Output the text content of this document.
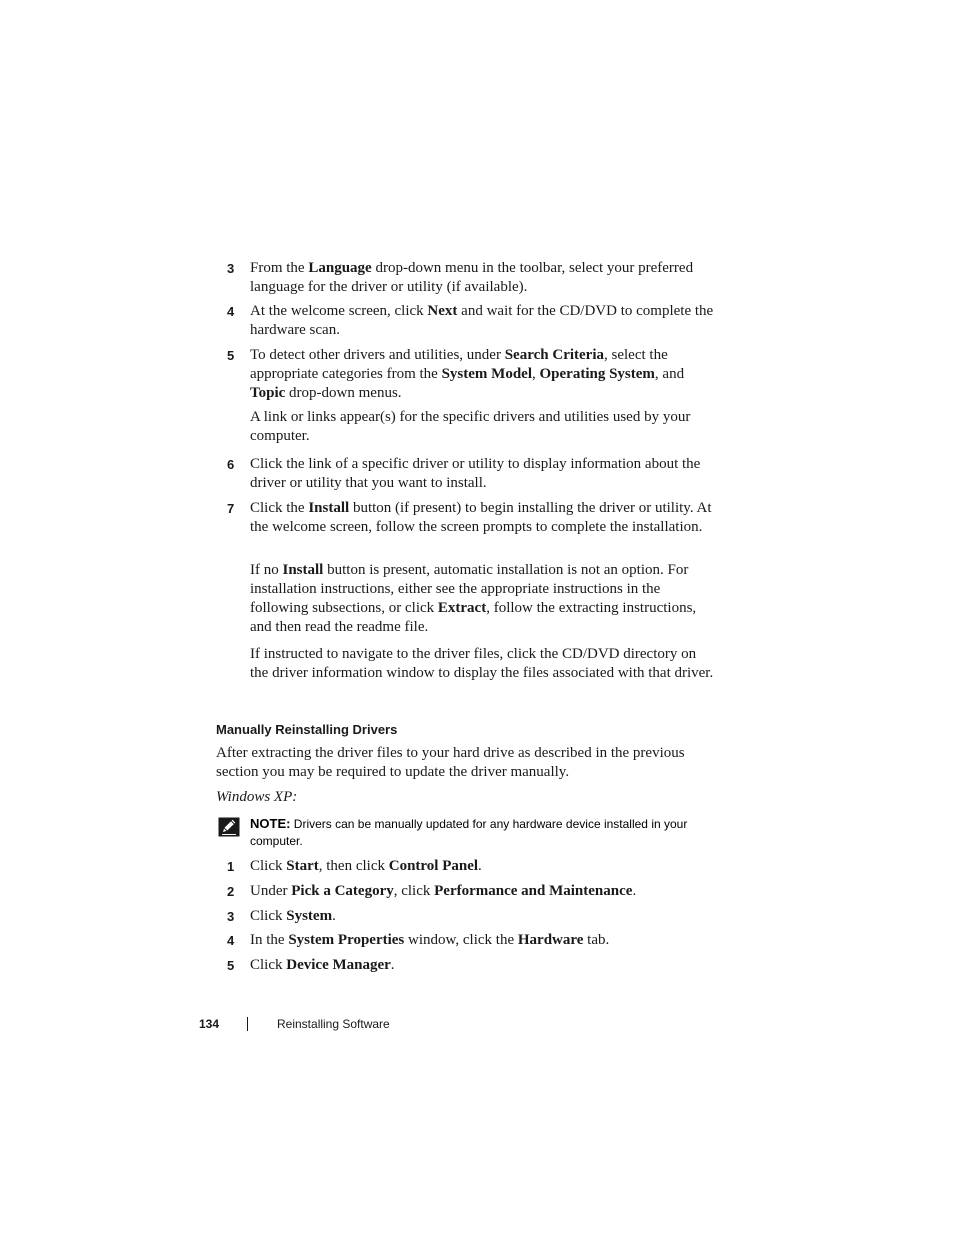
3 From the Language drop-down menu in the toolbar, select your preferred language for the driver or utility (if available).
4 At the welcome screen, click Next and wait for the CD/DVD to complete the hardware scan.
5 To detect other drivers and utilities, under Search Criteria, select the appropriate categories from the System Model, Operating System, and Topic drop-down menus.
A link or links appear(s) for the specific drivers and utilities used by your computer.
6 Click the link of a specific driver or utility to display information about the driver or utility that you want to install.
7 Click the Install button (if present) to begin installing the driver or utility. At the welcome screen, follow the screen prompts to complete the installation.
If no Install button is present, automatic installation is not an option. For installation instructions, either see the appropriate instructions in the following subsections, or click Extract, follow the extracting instructions, and then read the readme file.
If instructed to navigate to the driver files, click the CD/DVD directory on the driver information window to display the files associated with that driver.
Manually Reinstalling Drivers
After extracting the driver files to your hard drive as described in the previous section you may be required to update the driver manually.
Windows XP:
NOTE: Drivers can be manually updated for any hardware device installed in your computer.
1 Click Start, then click Control Panel.
2 Under Pick a Category, click Performance and Maintenance.
3 Click System.
4 In the System Properties window, click the Hardware tab.
5 Click Device Manager.
134	Reinstalling Software
